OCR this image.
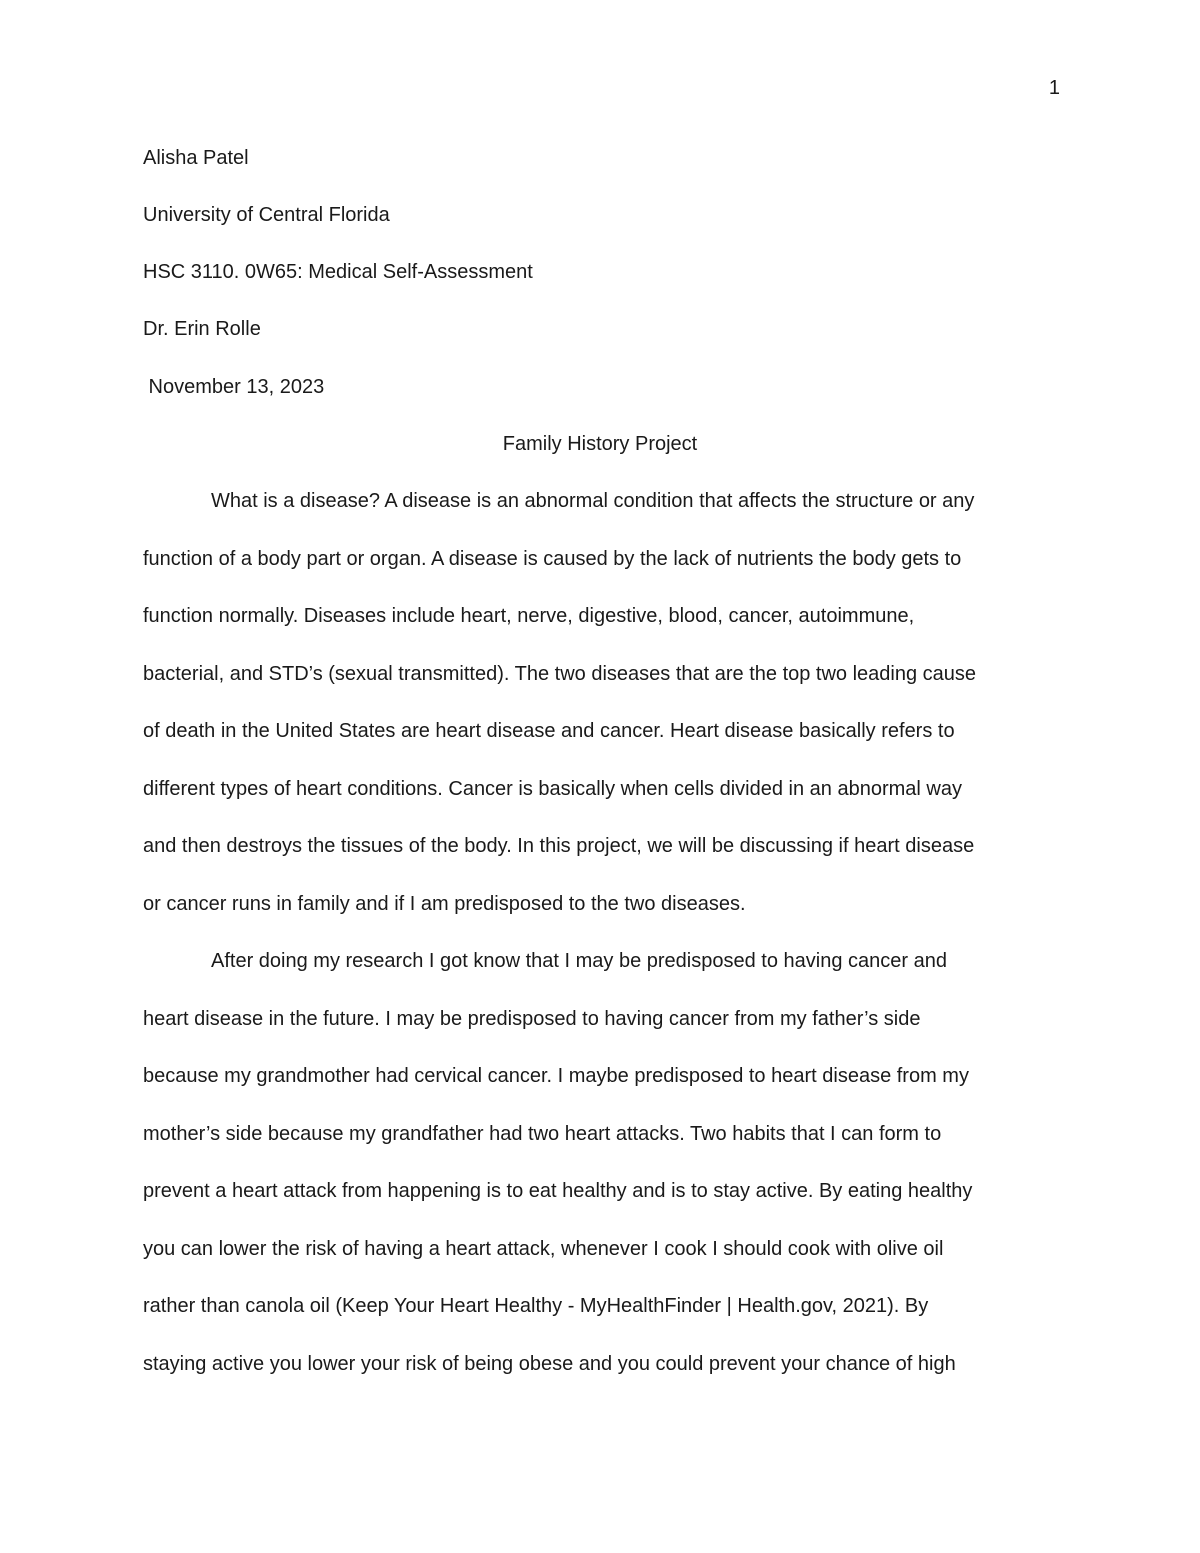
1
Alisha Patel
University of Central Florida
HSC 3110. 0W65: Medical Self-Assessment
Dr. Erin Rolle
November 13, 2023
Family History Project
What is a disease? A disease is an abnormal condition that affects the structure or any
function of a body part or organ. A disease is caused by the lack of nutrients the body gets to
function normally. Diseases include heart, nerve, digestive, blood, cancer, autoimmune,
bacterial, and STD’s (sexual transmitted). The two diseases that are the top two leading cause
of death in the United States are heart disease and cancer. Heart disease basically refers to
different types of heart conditions. Cancer is basically when cells divided in an abnormal way
and then destroys the tissues of the body. In this project, we will be discussing if heart disease
or cancer runs in family and if I am predisposed to the two diseases.
After doing my research I got know that I may be predisposed to having cancer and
heart disease in the future. I may be predisposed to having cancer from my father’s side
because my grandmother had cervical cancer. I maybe predisposed to heart disease from my
mother’s side because my grandfather had two heart attacks. Two habits that I can form to
prevent a heart attack from happening is to eat healthy and is to stay active. By eating healthy
you can lower the risk of having a heart attack, whenever I cook I should cook with olive oil
rather than canola oil (Keep Your Heart Healthy - MyHealthFinder | Health.gov, 2021). By
staying active you lower your risk of being obese and you could prevent your chance of high
